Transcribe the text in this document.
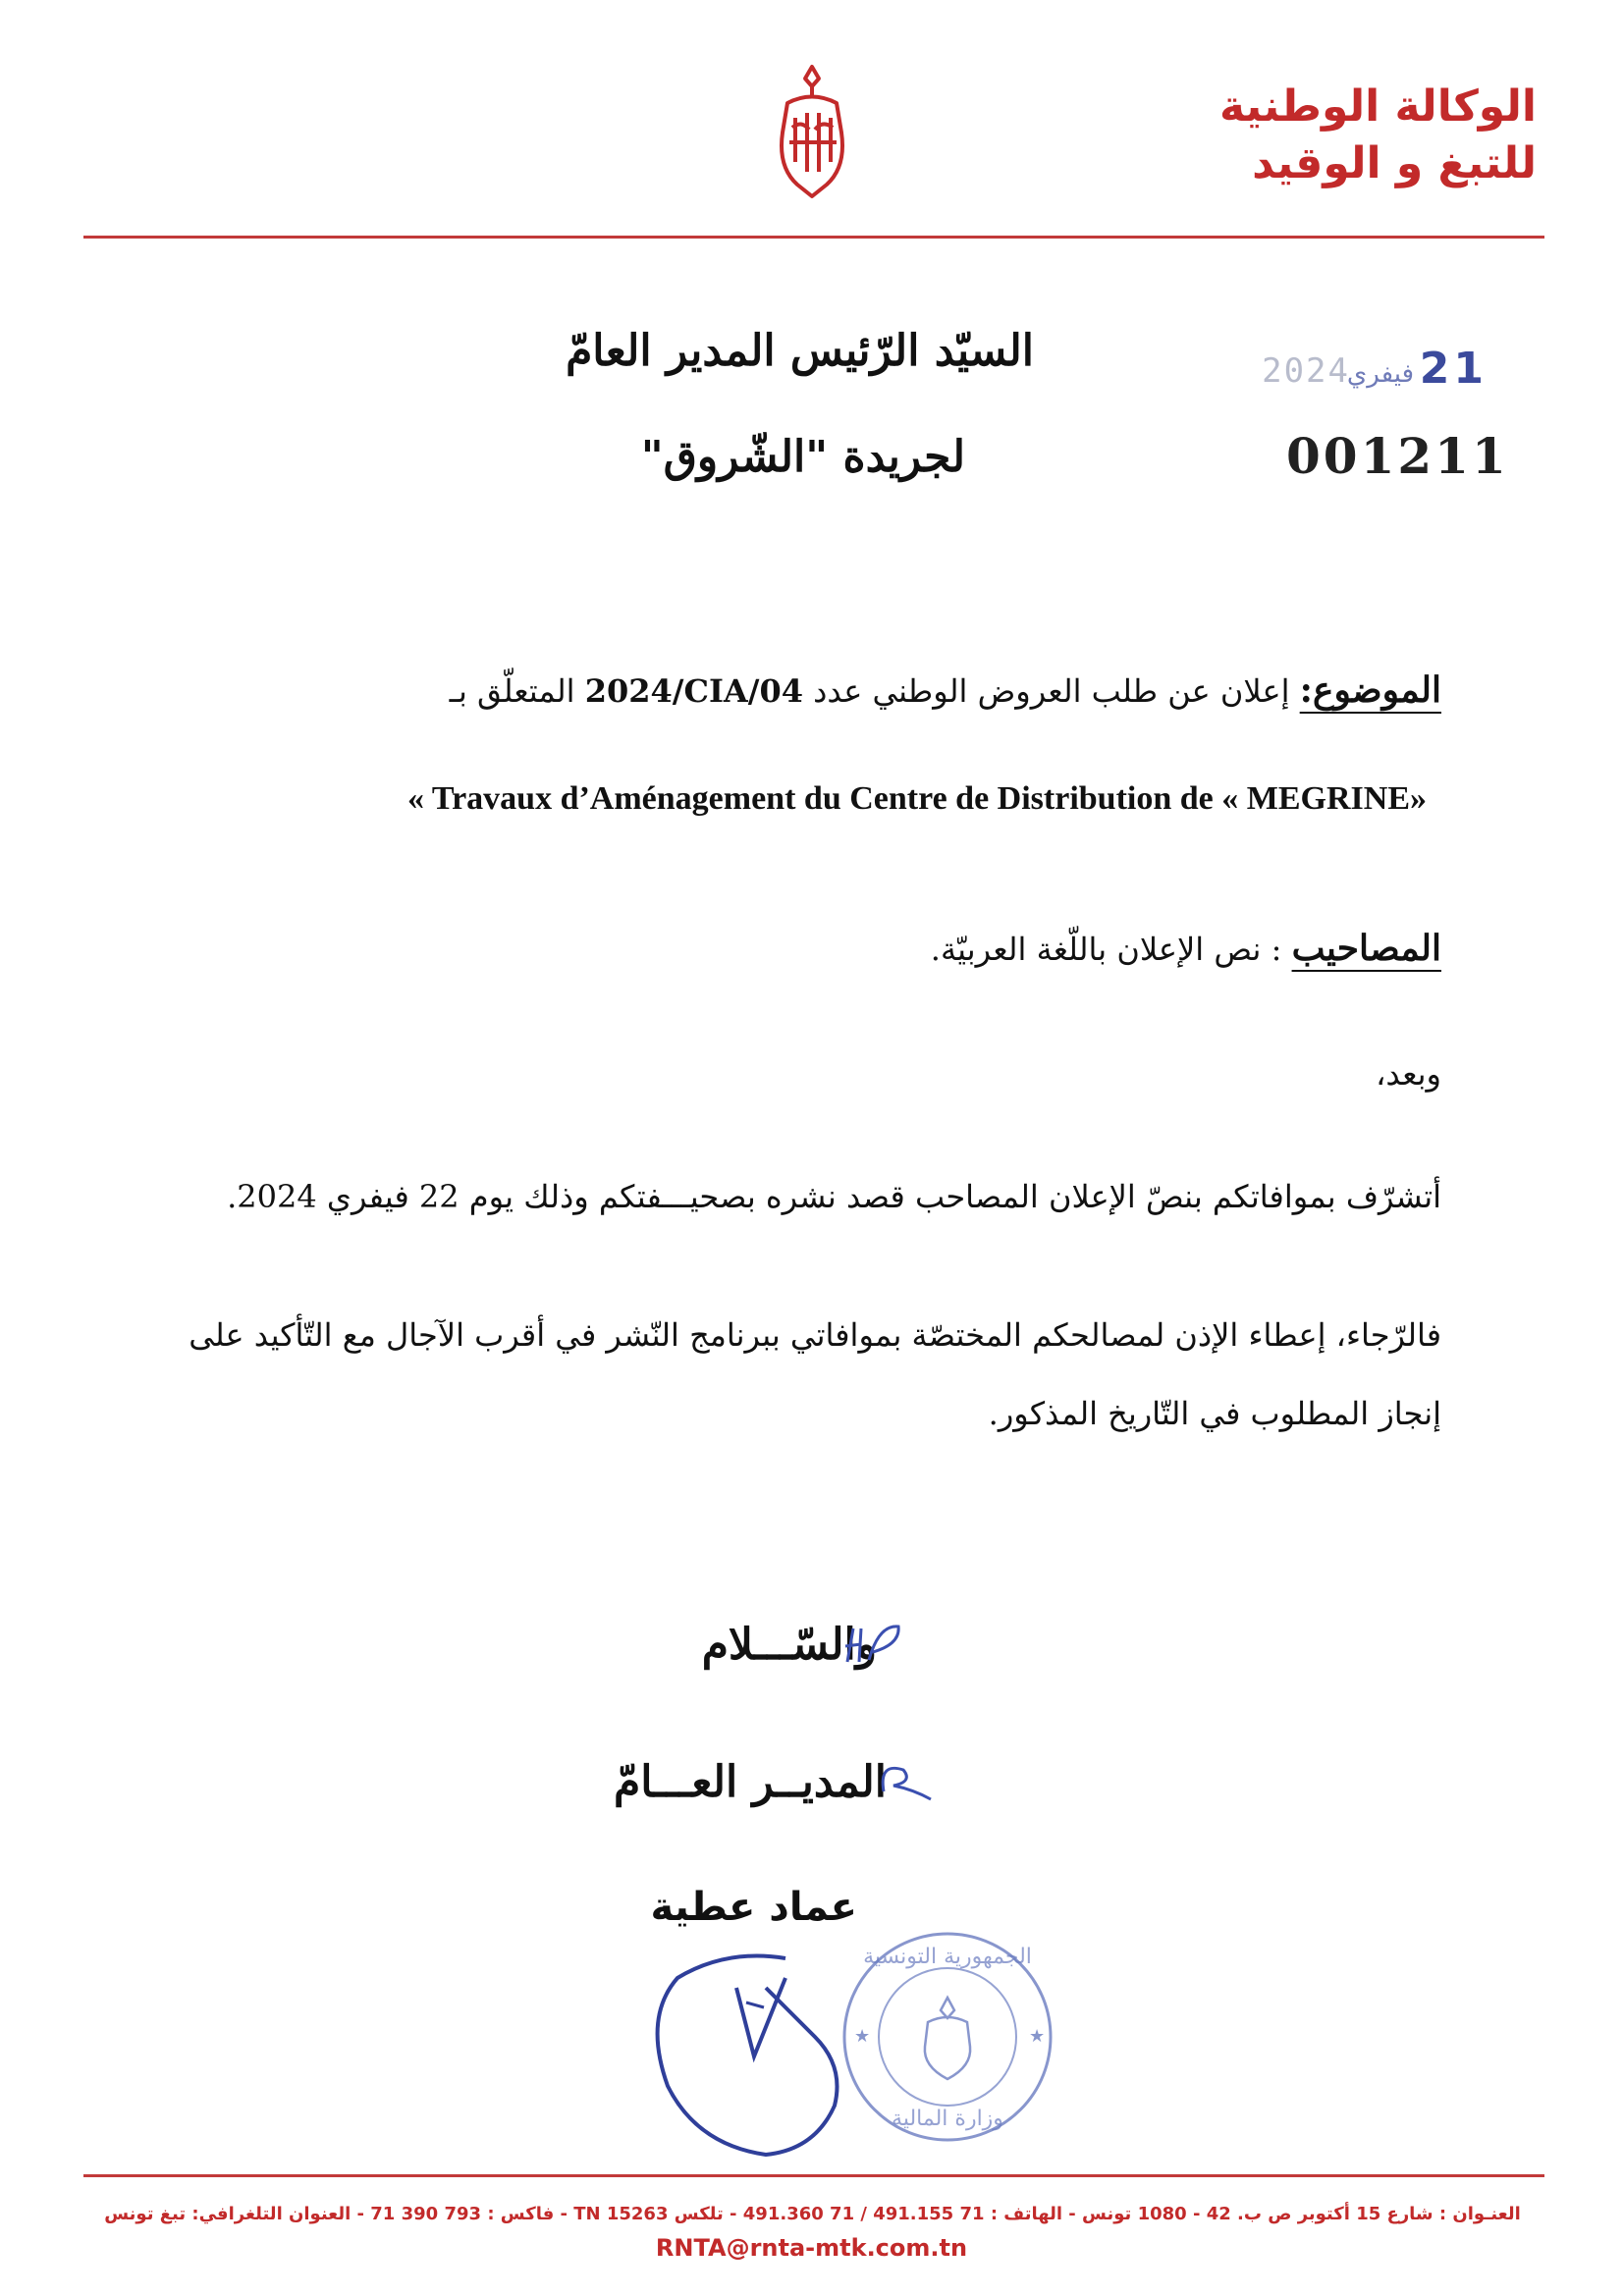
الوكالة الوطنية
للتبغ و الوقيد
2024
فيفري 21
001211
السيّد الرّئيس المدير العامّ
لجريدة "الشّروق"
الموضوع: إعلان عن طلب العروض الوطني عدد 2024/CIA/04 المتعلّق بـ
« Travaux d’Aménagement du Centre de Distribution de « MEGRINE»
المصاحيب : نص الإعلان باللّغة العربيّة.
وبعد،
أتشرّف بموافاتكم بنصّ الإعلان المصاحب قصد نشره بصحيـــفتكم وذلك يوم 22 فيفري 2024.
فالرّجاء، إعطاء الإذن لمصالحكم المختصّة بموافاتي ببرنامج النّشر في أقرب الآجال مع التّأكيد على إنجاز المطلوب في التّاريخ المذكور.
والسّـــلام
المديــر العـــامّ
عماد عطية
الجمهورية التونسية
وزارة المالية
★	★
العنـوان : شارع 15 أكتوبر ص ب. 42 - 1080 تونس - الهاتف : 71 491.155 / 71 491.360 - تلكس TN 15263 - فاكس : 793 390 71 - العنوان التلغرافي: تبغ تونس
RNTA@rnta-mtk.com.tn
